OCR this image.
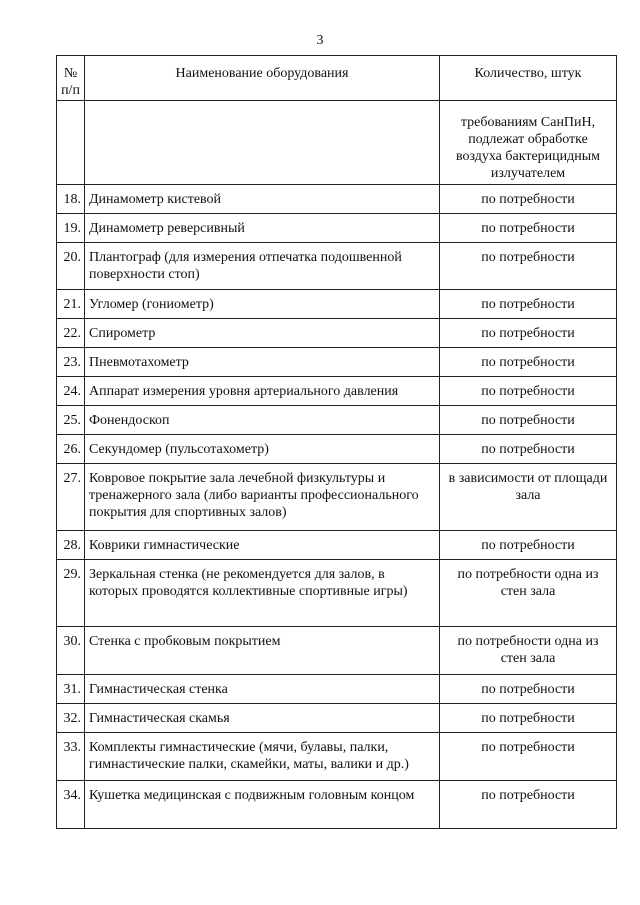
3
№ п/п	Наименование оборудования	Количество, штук
		требованиям СанПиН, подлежат обработке воздуха бактерицидным излучателем
18.	Динамометр кистевой	по потребности
19.	Динамометр реверсивный	по потребности
20.	Плантограф (для измерения отпечатка подошвенной поверхности стоп)	по потребности
21.	Угломер (гониометр)	по потребности
22.	Спирометр	по потребности
23.	Пневмотахометр	по потребности
24.	Аппарат измерения уровня артериального давления	по потребности
25.	Фонендоскоп	по потребности
26.	Секундомер (пульсотахометр)	по потребности
27.	Ковровое покрытие зала лечебной физкультуры и тренажерного зала (либо варианты профессионального покрытия для спортивных залов)	в зависимости от площади зала
28.	Коврики гимнастические	по потребности
29.	Зеркальная стенка (не рекомендуется для залов, в которых проводятся коллективные спортивные игры)	по потребности одна из стен зала
30.	Стенка с пробковым покрытием	по потребности одна из стен зала
31.	Гимнастическая стенка	по потребности
32.	Гимнастическая скамья	по потребности
33.	Комплекты гимнастические (мячи, булавы, палки, гимнастические палки, скамейки, маты, валики и др.)	по потребности
34.	Кушетка медицинская с подвижным головным концом	по потребности
